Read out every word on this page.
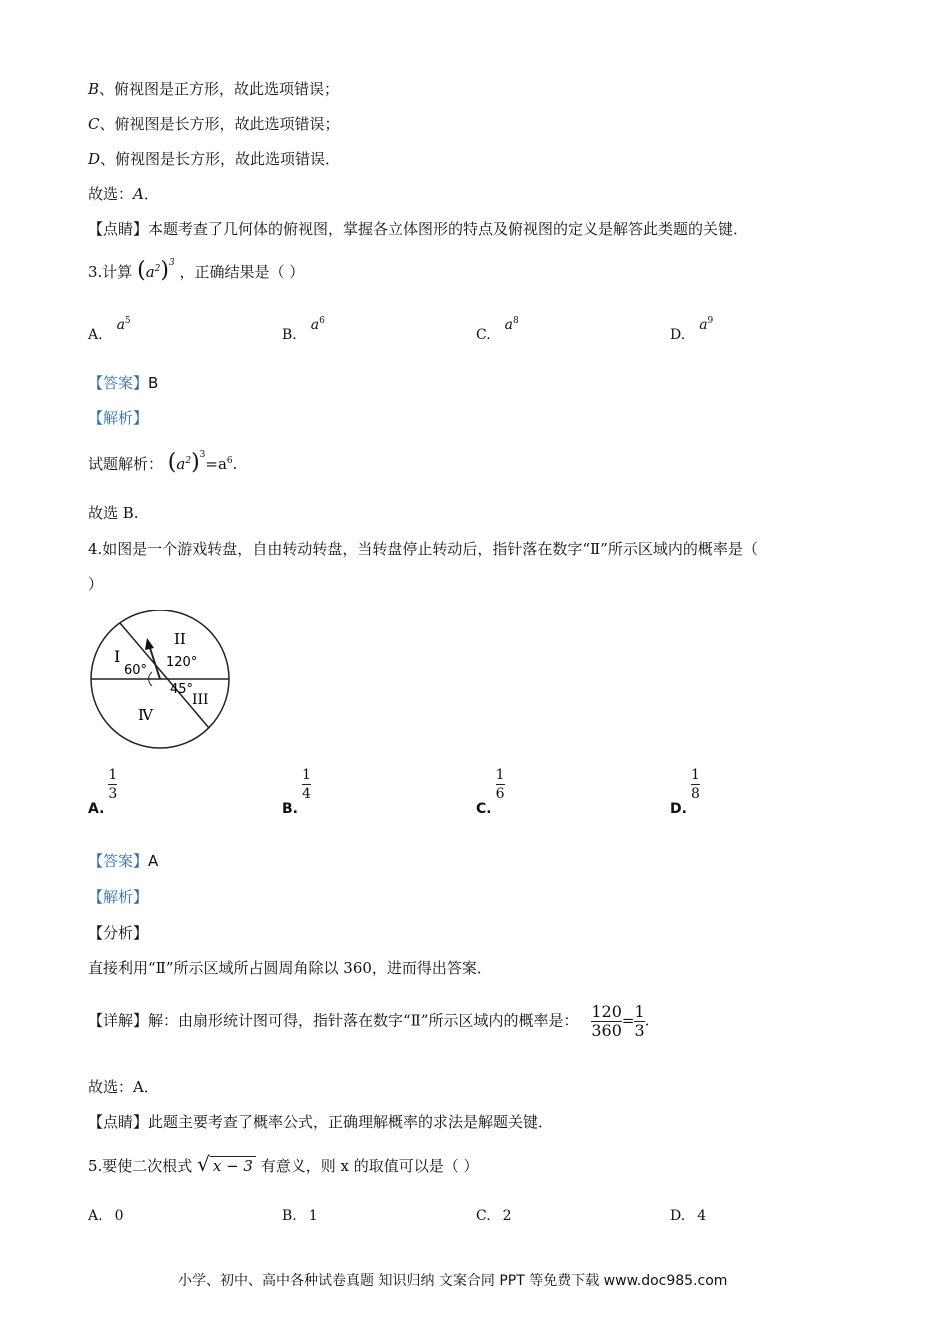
B、俯视图是正方形，故此选项错误；
C、俯视图是长方形，故此选项错误；
D、俯视图是长方形，故此选项错误．
故选：A．
【点睛】本题考查了几何体的俯视图，掌握各立体图形的特点及俯视图的定义是解答此类题的关键．
3.计算 $(a^2)^3$ ，正确结果是（ ）
$A.a^5$
$B.a^6$
$C.a^8$
$D.a^9$
【答案】B
【解析】
试题解析： $(a^2)^3=a^6$.
故选 B.
4.如图是一个游戏转盘，自由转动转盘，当转盘停止转动后，指针落在数字“Ⅱ”所示区域内的概率是（
）
I
II
III
Ⅳ
60°
120°
45°
A.
$\frac{1}{3}$
B.
$\frac{1}{4}$
C.
$\frac{1}{6}$
D.
$\frac{1}{8}$
【答案】A
【解析】
【分析】
直接利用“Ⅱ”所示区域所占圆周角除以 360，进而得出答案．
【详解】解：由扇形统计图可得，指针落在数字“Ⅱ”所示区域内的概率是： $\frac{120}{360} = \frac{1}{3}$ .
故选：A．
【点睛】此题主要考查了概率公式，正确理解概率的求法是解题关键．
5.要使二次根式 √ x − 3 有意义，则 x 的取值可以是（ ）
A. 0	B. 1	C. 2	D. 4
小学、初中、高中各种试卷真题 知识归纳 文案合同 PPT 等免费下载 www.doc985.com
